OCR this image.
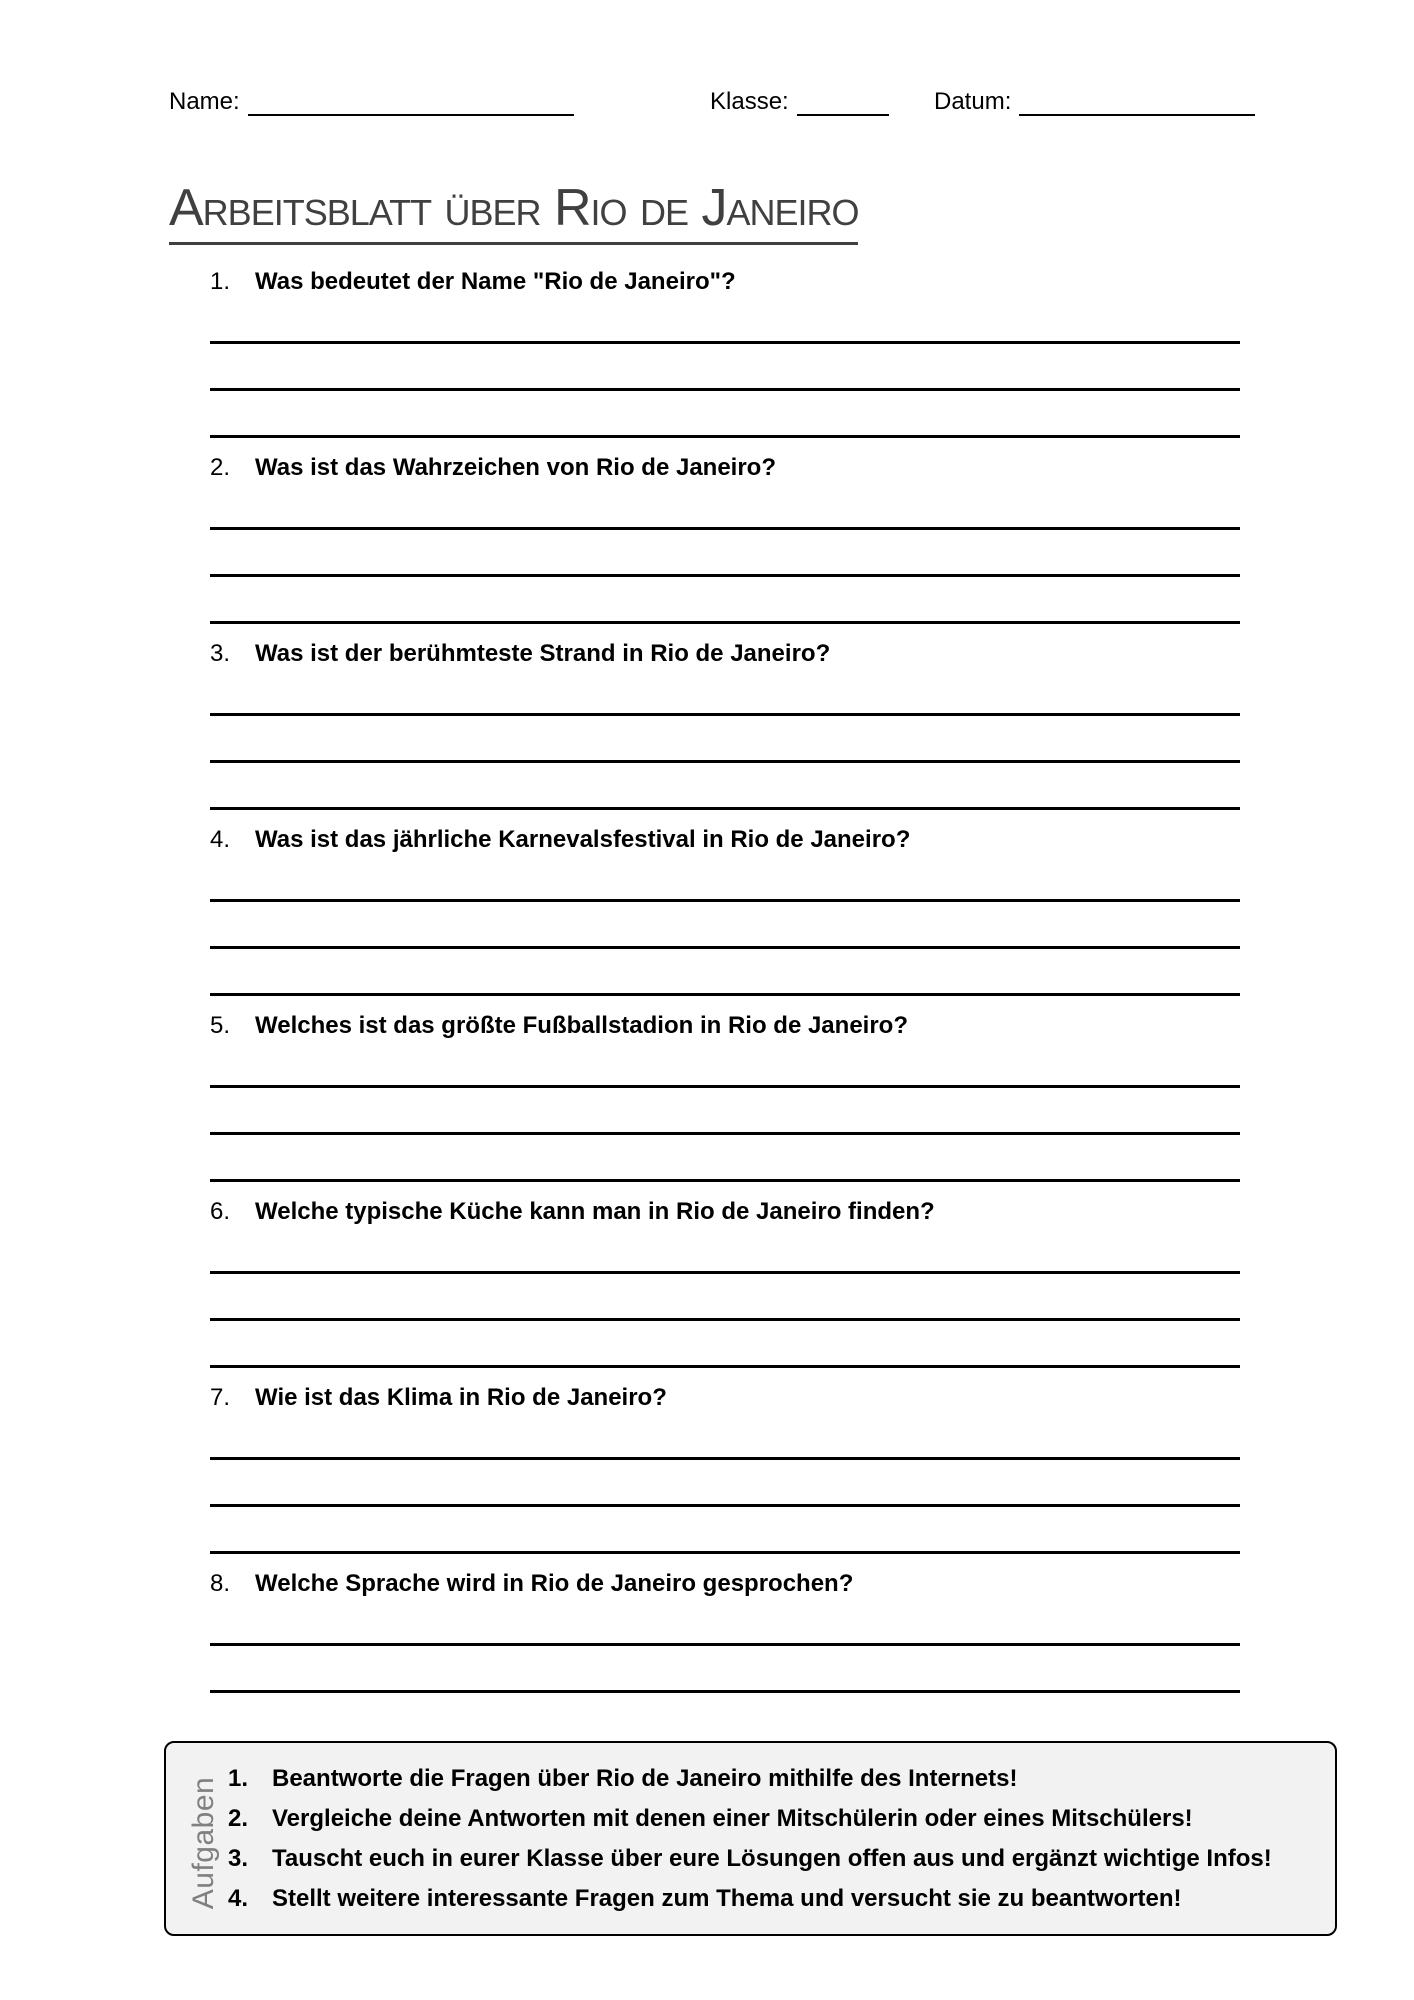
Name:	Klasse:	Datum:
Arbeitsblatt über Rio de Janeiro
1.	Was bedeutet der Name "Rio de Janeiro"?
2.	Was ist das Wahrzeichen von Rio de Janeiro?
3.	Was ist der berühmteste Strand in Rio de Janeiro?
4.	Was ist das jährliche Karnevalsfestival in Rio de Janeiro?
5.	Welches ist das größte Fußballstadion in Rio de Janeiro?
6.	Welche typische Küche kann man in Rio de Janeiro finden?
7.	Wie ist das Klima in Rio de Janeiro?
8.	Welche Sprache wird in Rio de Janeiro gesprochen?
Aufgaben 1. Beantworte die Fragen über Rio de Janeiro mithilfe des Internets!
2. Vergleiche deine Antworten mit denen einer Mitschülerin oder eines Mitschülers!
3. Tauscht euch in eurer Klasse über eure Lösungen offen aus und ergänzt wichtige Infos!
4. Stellt weitere interessante Fragen zum Thema und versucht sie zu beantworten!
